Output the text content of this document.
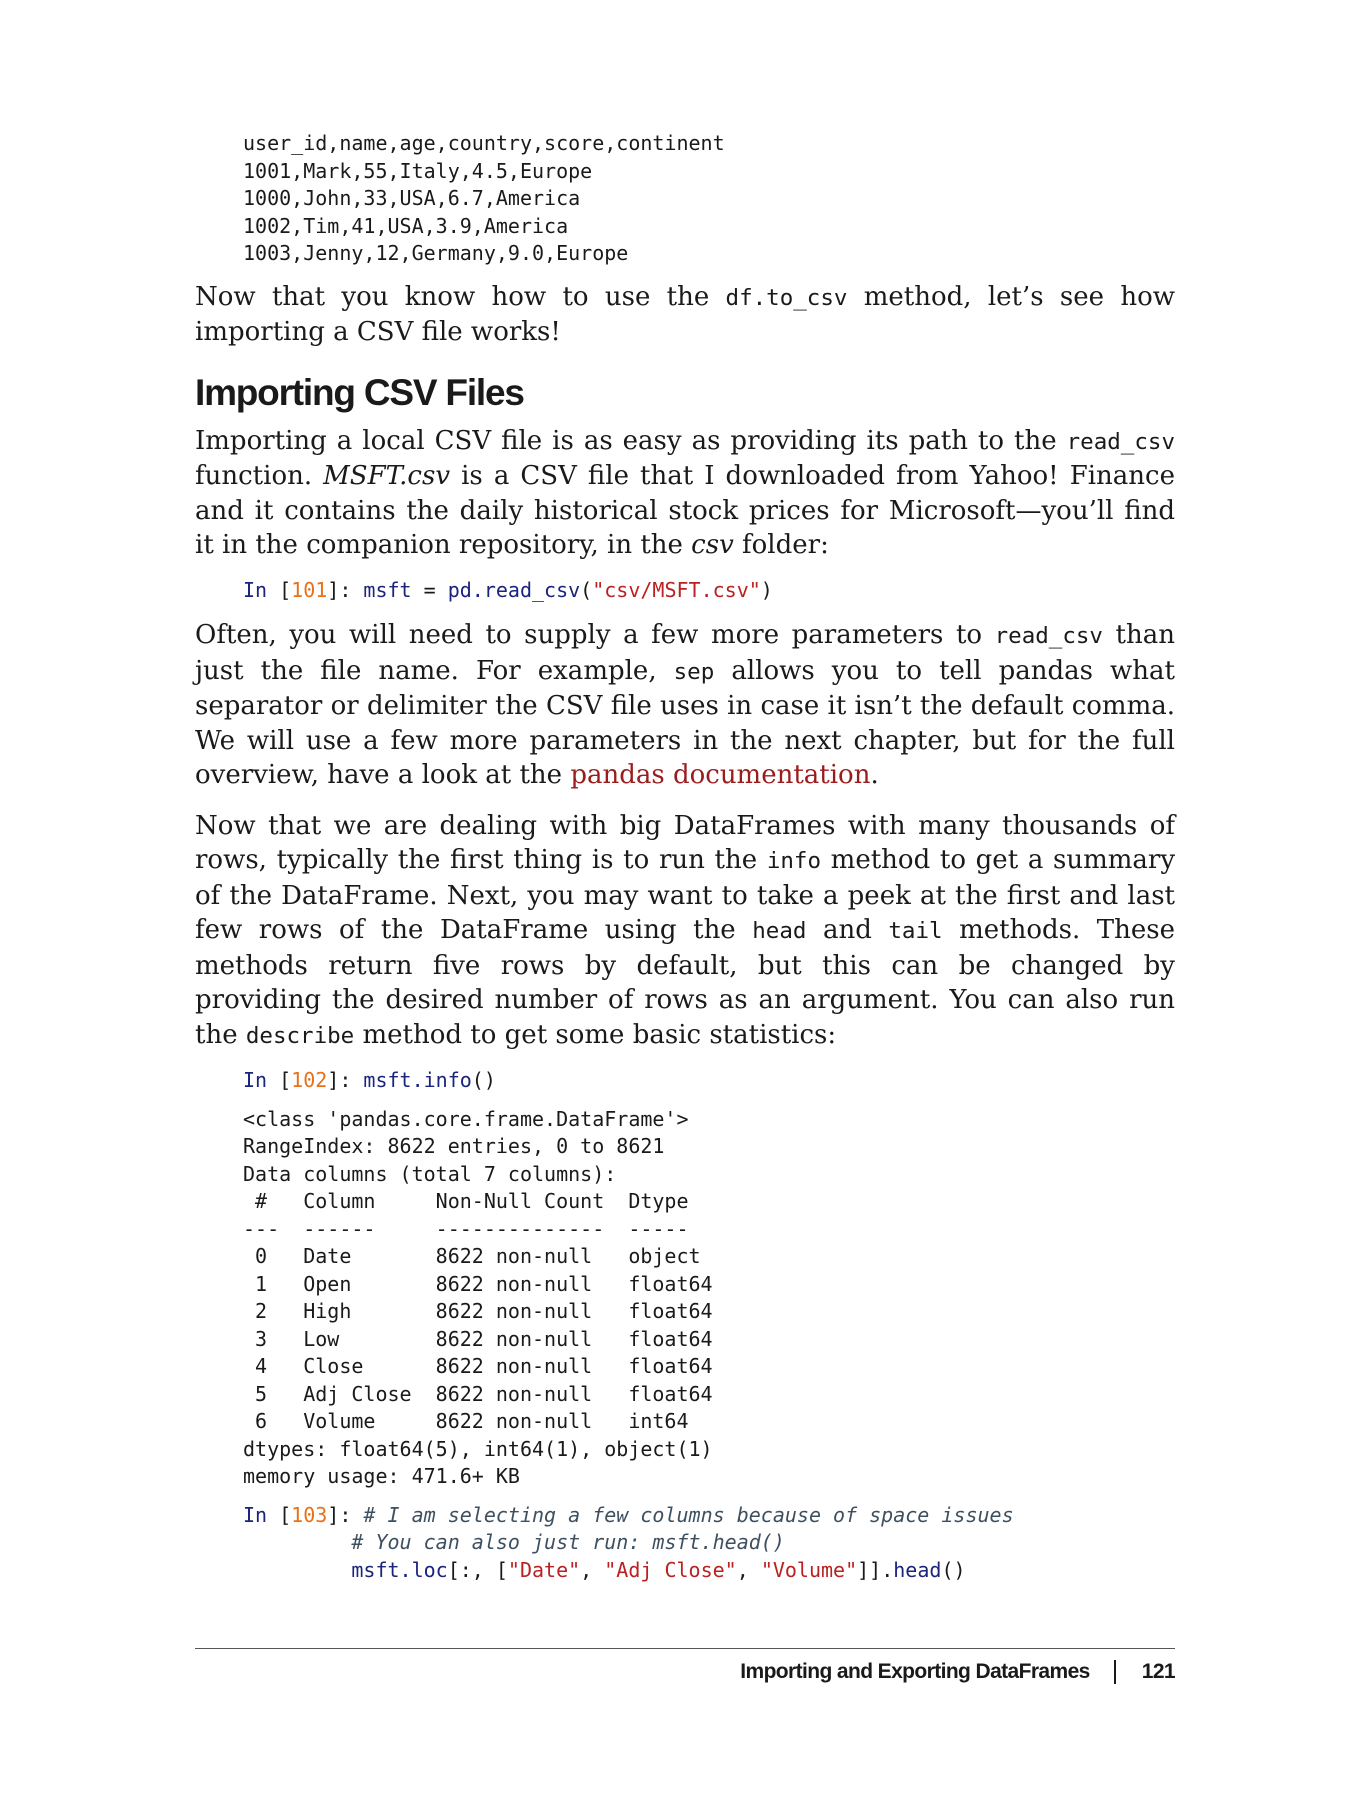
user_id,name,age,country,score,continent
1001,Mark,55,Italy,4.5,Europe
1000,John,33,USA,6.7,America
1002,Tim,41,USA,3.9,America
1003,Jenny,12,Germany,9.0,Europe

Now that you know how to use the df.to_csv method, let’s see how importing a CSV file works!

Importing CSV Files

Importing a local CSV file is as easy as providing its path to the read_csv function. MSFT.csv is a CSV file that I downloaded from Yahoo! Finance and it contains the daily historical stock prices for Microsoft—you’ll find it in the companion repository, in the csv folder:

In [101]: msft = pd.read_csv("csv/MSFT.csv")

Often, you will need to supply a few more parameters to read_csv than just the file name. For example, sep allows you to tell pandas what separator or delimiter the CSV file uses in case it isn’t the default comma. We will use a few more parameters in the next chapter, but for the full overview, have a look at the pandas documentation.

Now that we are dealing with big DataFrames with many thousands of rows, typically the first thing is to run the info method to get a summary of the DataFrame. Next, you may want to take a peek at the first and last few rows of the DataFrame using the head and tail methods. These methods return five rows by default, but this can be changed by providing the desired number of rows as an argument. You can also run the describe method to get some basic statistics:

In [102]: msft.info()
<class 'pandas.core.frame.DataFrame'>
RangeIndex: 8622 entries, 0 to 8621
Data columns (total 7 columns):
#   Column     Non-Null Count  Dtype
---  ------     --------------  -----
0   Date       8622 non-null   object
1   Open       8622 non-null   float64
2   High       8622 non-null   float64
3   Low        8622 non-null   float64
4   Close      8622 non-null   float64
5   Adj Close  8622 non-null   float64
6   Volume     8622 non-null   int64
dtypes: float64(5), int64(1), object(1)
memory usage: 471.6+ KB
In [103]: # I am selecting a few columns because of space issues
# You can also just run: msft.head()
msft.loc[:, ["Date", "Adj Close", "Volume"]].head()
Importing and Exporting DataFrames 121
